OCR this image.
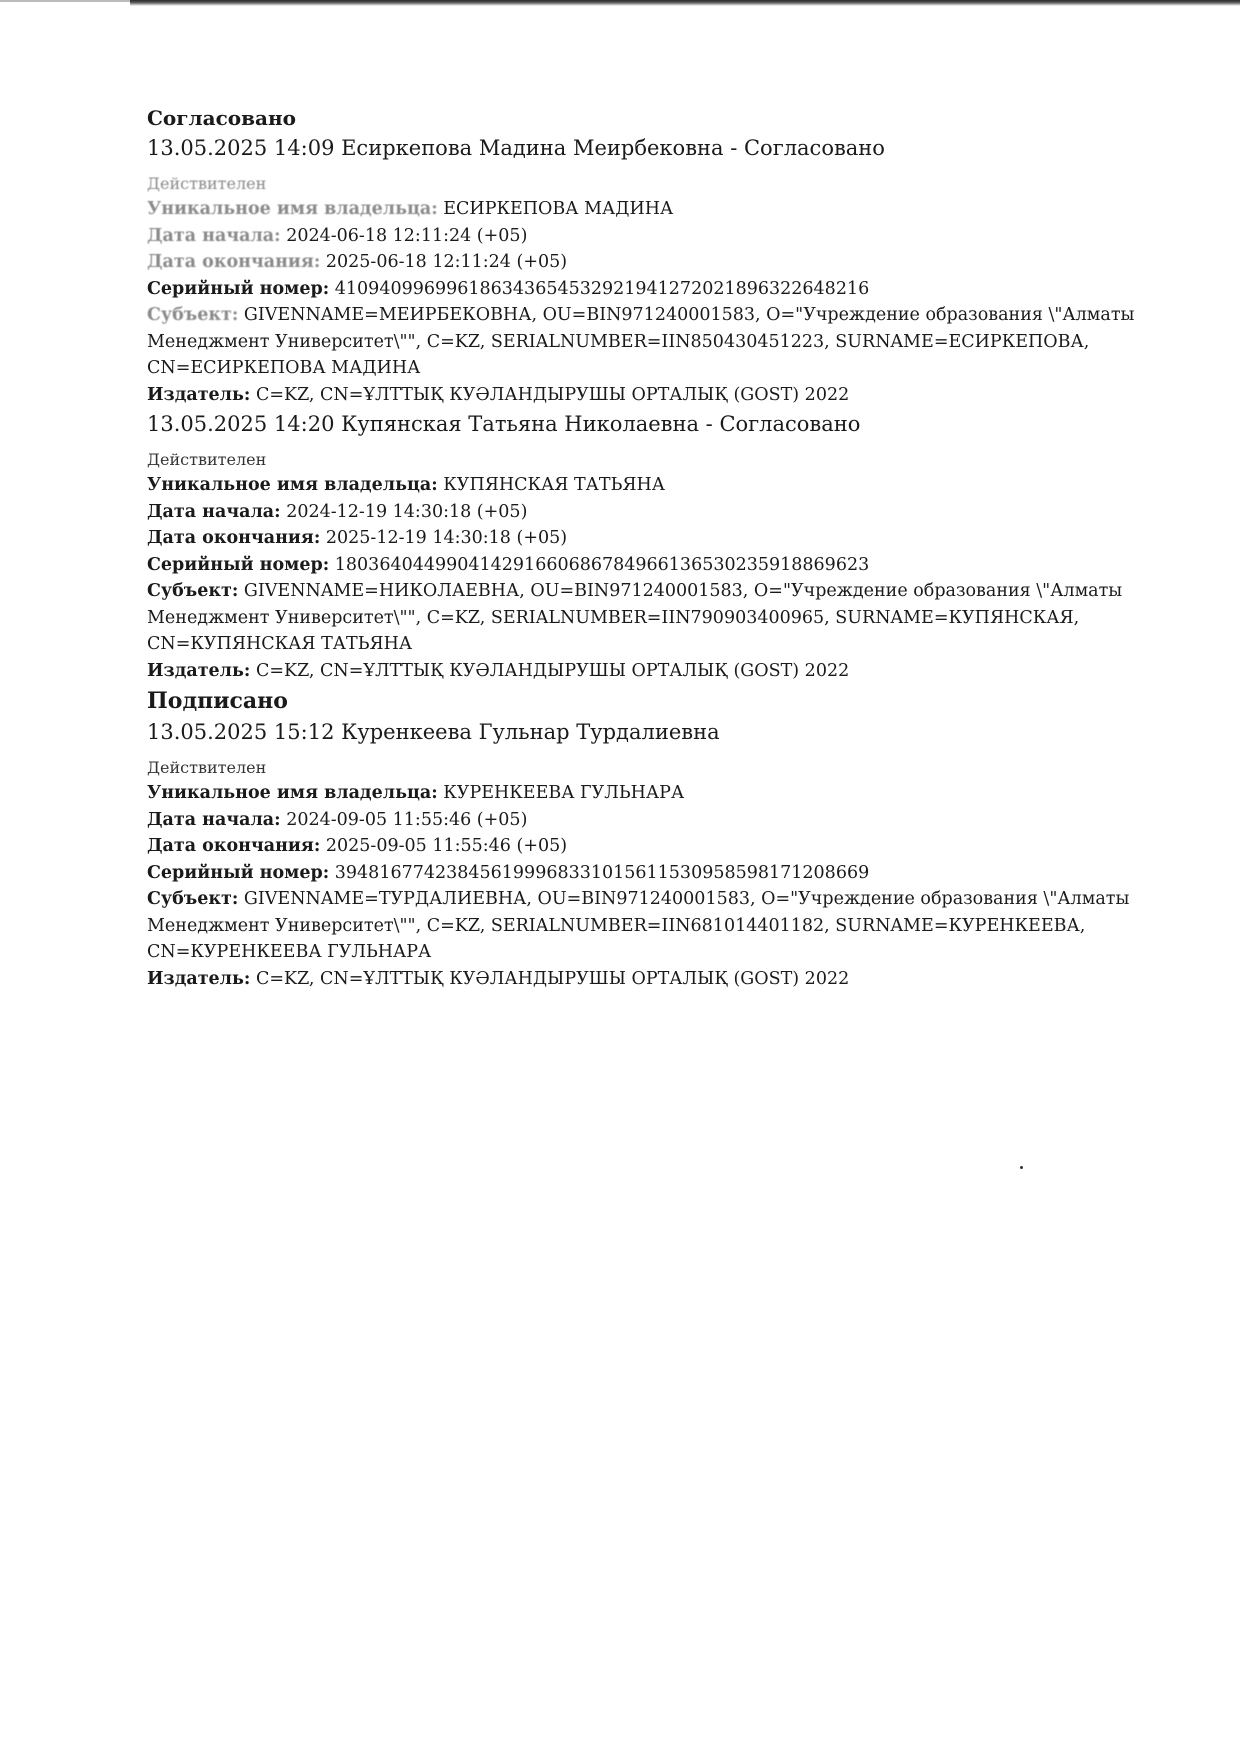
Согласовано

13.05.2025 14:09 Есиркепова Мадина Меирбековна - Согласовано

Действителен

Уникальное имя владельца: ЕСИРКЕПОВА МАДИНА

Дата начала: 2024-06-18 12:11:24 (+05)

Дата окончания: 2025-06-18 12:11:24 (+05)

Серийный номер: 410940996996186343654532921941272021896322648216

Субъект: GIVENNAME=МЕИРБЕКОВНА, OU=BIN971240001583, O="Учреждение образования \"Алматы Менеджмент Университет\"", C=KZ, SERIALNUMBER=IIN850430451223, SURNAME=ЕСИРКЕПОВА, CN=ЕСИРКЕПОВА МАДИНА

Издатель: C=KZ, CN=ҰЛТТЫҚ КУӘЛАНДЫРУШЫ ОРТАЛЫҚ (GOST) 2022

13.05.2025 14:20 Купянская Татьяна Николаевна - Согласовано

Действителен

Уникальное имя владельца: КУПЯНСКАЯ ТАТЬЯНА

Дата начала: 2024-12-19 14:30:18 (+05)

Дата окончания: 2025-12-19 14:30:18 (+05)

Серийный номер: 180364044990414291660686784966136530235918869623

Субъект: GIVENNAME=НИКОЛАЕВНА, OU=BIN971240001583, O="Учреждение образования \"Алматы Менеджмент Университет\"", C=KZ, SERIALNUMBER=IIN790903400965, SURNAME=КУПЯНСКАЯ, CN=КУПЯНСКАЯ ТАТЬЯНА

Издатель: C=KZ, CN=ҰЛТТЫҚ КУӘЛАНДЫРУШЫ ОРТАЛЫҚ (GOST) 2022

Подписано

13.05.2025 15:12 Куренкеева Гульнар Турдалиевна

Действителен

Уникальное имя владельца: КУРЕНКЕЕВА ГУЛЬНАРА

Дата начала: 2024-09-05 11:55:46 (+05)

Дата окончания: 2025-09-05 11:55:46 (+05)

Серийный номер: 394816774238456199968331015611530958598171208669

Субъект: GIVENNAME=ТУРДАЛИЕВНА, OU=BIN971240001583, O="Учреждение образования \"Алматы Менеджмент Университет\"", C=KZ, SERIALNUMBER=IIN681014401182, SURNAME=КУРЕНКЕЕВА, CN=КУРЕНКЕЕВА ГУЛЬНАРА

Издатель: C=KZ, CN=ҰЛТТЫҚ КУӘЛАНДЫРУШЫ ОРТАЛЫҚ (GOST) 2022
